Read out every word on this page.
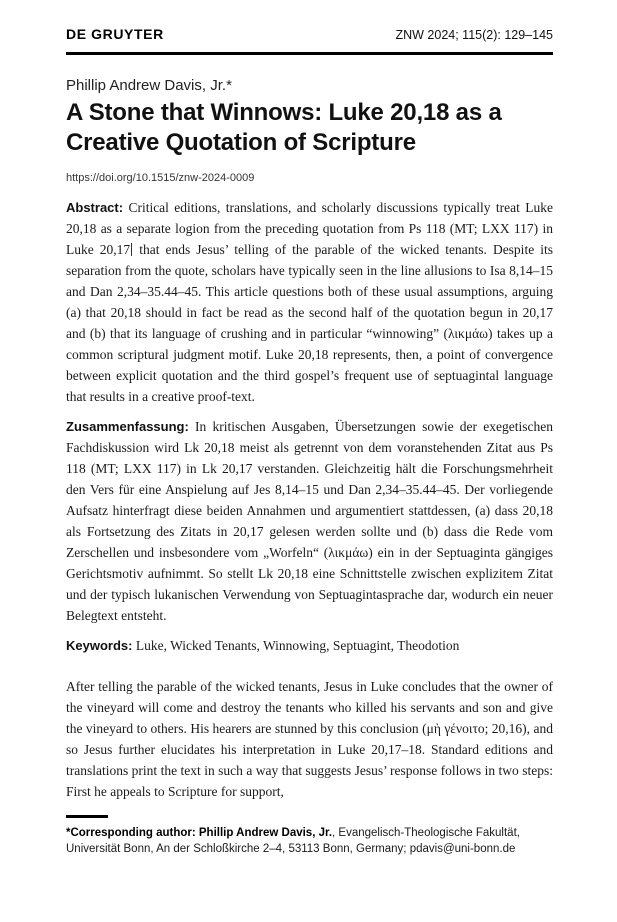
DE GRUYTER	ZNW 2024; 115(2): 129–145
Phillip Andrew Davis, Jr.*
A Stone that Winnows: Luke 20,18 as a Creative Quotation of Scripture
https://doi.org/10.1515/znw-2024-0009

Abstract: Critical editions, translations, and scholarly discussions typically treat Luke 20,18 as a separate logion from the preceding quotation from Ps 118 (MT; LXX 117) in Luke 20,17 that ends Jesus’ telling of the parable of the wicked tenants. Despite its separation from the quote, scholars have typically seen in the line allusions to Isa 8,14–15 and Dan 2,34–35.44–45. This article questions both of these usual assumptions, arguing (a) that 20,18 should in fact be read as the second half of the quotation begun in 20,17 and (b) that its language of crushing and in particular “winnowing” (λικμάω) takes up a common scriptural judgment motif. Luke 20,18 represents, then, a point of convergence between explicit quotation and the third gospel’s frequent use of septuagintal language that results in a creative proof-text.

Zusammenfassung: In kritischen Ausgaben, Übersetzungen sowie der exegetischen Fachdiskussion wird Lk 20,18 meist als getrennt von dem voranstehenden Zitat aus Ps 118 (MT; LXX 117) in Lk 20,17 verstanden. Gleichzeitig hält die Forschungsmehrheit den Vers für eine Anspielung auf Jes 8,14–15 und Dan 2,34–35.44–45. Der vorliegende Aufsatz hinterfragt diese beiden Annahmen und argumentiert stattdessen, (a) dass 20,18 als Fortsetzung des Zitats in 20,17 gelesen werden sollte und (b) dass die Rede vom Zerschellen und insbesondere vom „Worfeln“ (λικμάω) ein in der Septuaginta gängiges Gerichtsmotiv aufnimmt. So stellt Lk 20,18 eine Schnittstelle zwischen explizitem Zitat und der typisch lukanischen Verwendung von Septuagintasprache dar, wodurch ein neuer Belegtext entsteht.

Keywords: Luke, Wicked Tenants, Winnowing, Septuagint, Theodotion

After telling the parable of the wicked tenants, Jesus in Luke concludes that the owner of the vineyard will come and destroy the tenants who killed his servants and son and give the vineyard to others. His hearers are stunned by this conclusion (μὴ γένοιτο; 20,16), and so Jesus further elucidates his interpretation in Luke 20,17–18. Standard editions and translations print the text in such a way that suggests Jesus’ response follows in two steps: First he appeals to Scripture for support,

*Corresponding author: Phillip Andrew Davis, Jr., Evangelisch-Theologische Fakultät, Universität Bonn, An der Schloßkirche 2–4, 53113 Bonn, Germany; pdavis@uni-bonn.de
